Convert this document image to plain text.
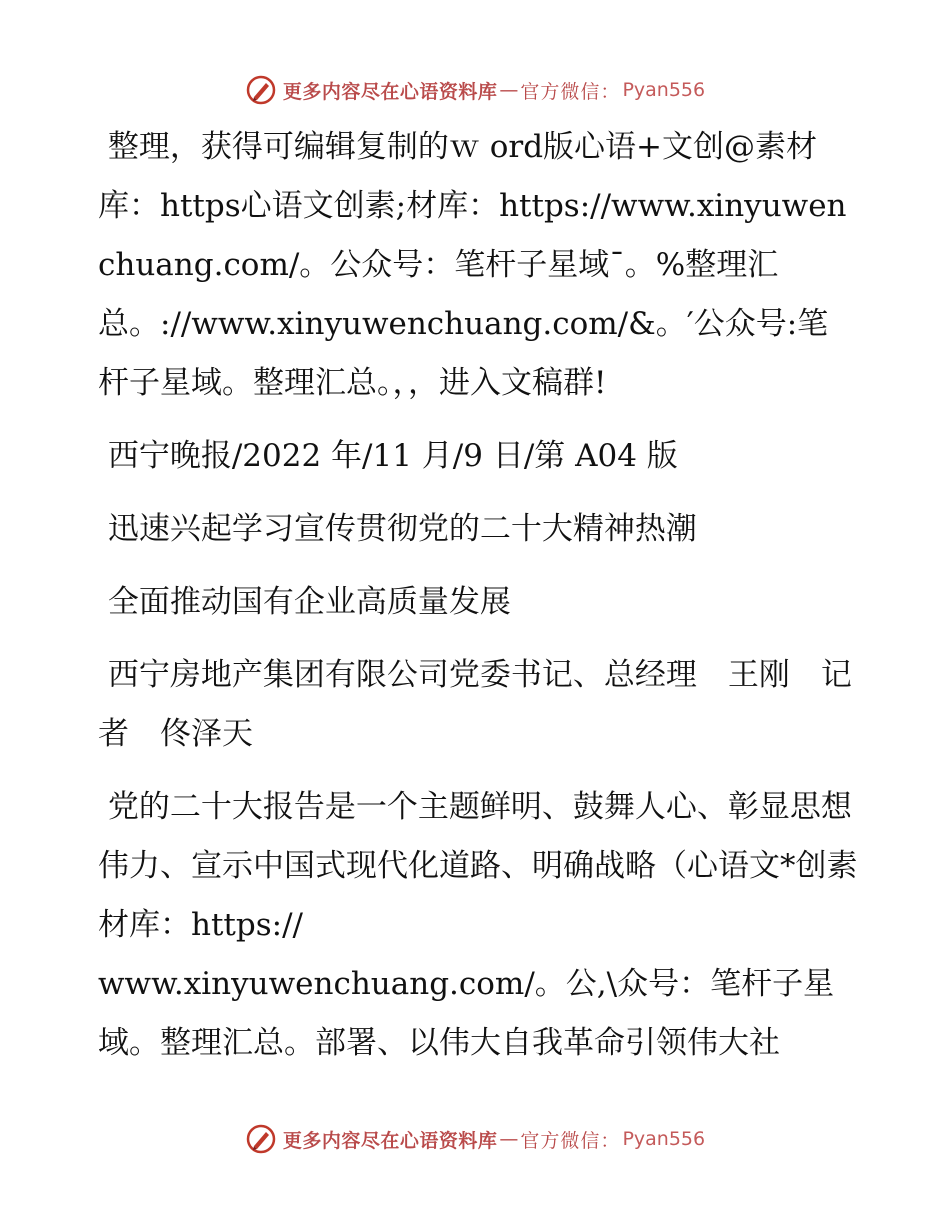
更多内容尽在心语资料库 — 官方微信： Pyan556

整理，获得可编辑复制的ｗ ord版心语+文创@素材库：https心语文创素;材库：https://www.xinyuwenchuang.com/。公众号：笔杆子星域¯。%整理汇总。://www.xinyuwenchuang.com/&。′公众号:笔杆子星域。整理汇总。，，进入文稿群!

西宁晚报/2022 年/11 月/9 日/第 A04 版

迅速兴起学习宣传贯彻党的二十大精神热潮

全面推动国有企业高质量发展

西宁房地产集团有限公司党委书记、总经理　王刚　记者　佟泽天

党的二十大报告是一个主题鲜明、鼓舞人心、彰显思想伟力、宣示中国式现代化道路、明确战略（心语文*创素材库：https://

www.xinyuwenchuang.com/。公,\众号：笔杆子星域。整理汇总。部署、以伟大自我革命引领伟大社

更多内容尽在心语资料库 — 官方微信： Pyan556
